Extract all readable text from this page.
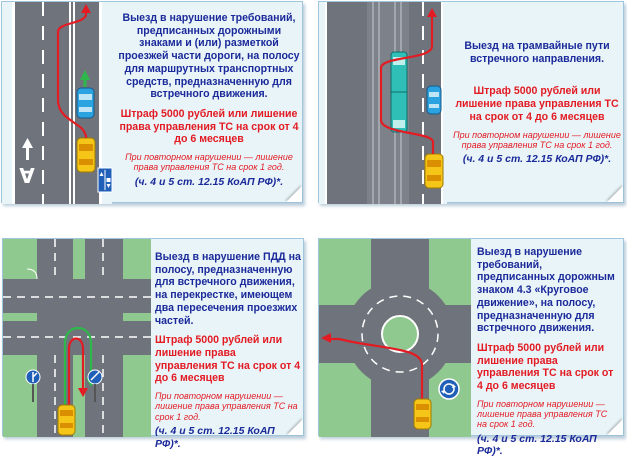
А
Выезд в нарушение требований, предписанных дорожными знаками и (или) разметкой проезжей части дороги, на полосу для маршрутных транспортных средств, предназначенную для встречного движения.
Штраф 5000 рублей или лишение права управления ТС на срок от 4 до 6 месяцев
При повторном нарушении — лишение права управления ТС на срок 1 год.
(ч. 4 и 5 ст. 12.15 КоАП РФ)*.
Выезд на трамвайные пути встречного направления.
Штраф 5000 рублей или лишение права управления ТС на срок от 4 до 6 месяцев
При повторном нарушении — лишение права управления ТС на срок 1 год.
(ч. 4 и 5 ст. 12.15 КоАП РФ)*.
Выезд в нарушение ПДД на полосу, предназначенную для встречного движения, на перекрестке, имеющем два пересечения проезжих частей.
Штраф 5000 рублей или лишение права управления ТС на срок от 4 до 6 месяцев
При повторном нарушении — лишение права управления ТС на срок 1 год.
(ч. 4 и 5 ст. 12.15 КоАП РФ)*.
Выезд в нарушение требований, предписанных дорожным знаком 4.3 «Круговое движение», на полосу, предназначенную для встречного движения.
Штраф 5000 рублей или лишение права управления ТС на срок от 4 до 6 месяцев
При повторном нарушении — лишение права управления ТС на срок 1 год.
(ч. 4 и 5 ст. 12.15 КоАП РФ)*.
